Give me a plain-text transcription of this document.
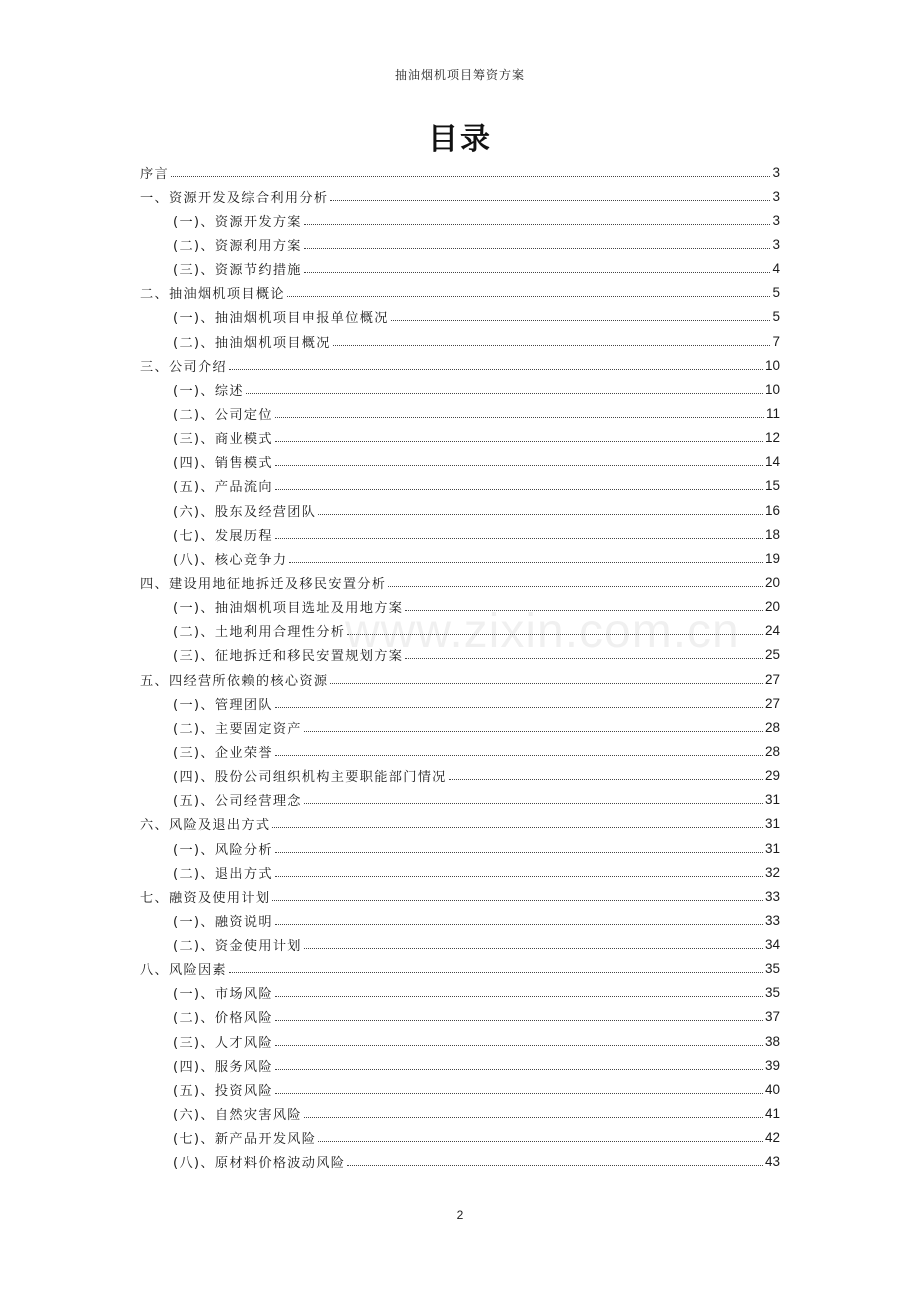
抽油烟机项目筹资方案
目录
www.zixin.com.cn
序言	3
一、资源开发及综合利用分析	3
(一)、资源开发方案	3
(二)、资源利用方案	3
(三)、资源节约措施	4
二、抽油烟机项目概论	5
(一)、抽油烟机项目申报单位概况	5
(二)、抽油烟机项目概况	7
三、公司介绍	10
(一)、综述	10
(二)、公司定位	11
(三)、商业模式	12
(四)、销售模式	14
(五)、产品流向	15
(六)、股东及经营团队	16
(七)、发展历程	18
(八)、核心竞争力	19
四、建设用地征地拆迁及移民安置分析	20
(一)、抽油烟机项目选址及用地方案	20
(二)、土地利用合理性分析	24
(三)、征地拆迁和移民安置规划方案	25
五、四经营所依赖的核心资源	27
(一)、管理团队	27
(二)、主要固定资产	28
(三)、企业荣誉	28
(四)、股份公司组织机构主要职能部门情况	29
(五)、公司经营理念	31
六、风险及退出方式	31
(一)、风险分析	31
(二)、退出方式	32
七、融资及使用计划	33
(一)、融资说明	33
(二)、资金使用计划	34
八、风险因素	35
(一)、市场风险	35
(二)、价格风险	37
(三)、人才风险	38
(四)、服务风险	39
(五)、投资风险	40
(六)、自然灾害风险	41
(七)、新产品开发风险	42
(八)、原材料价格波动风险	43
2
